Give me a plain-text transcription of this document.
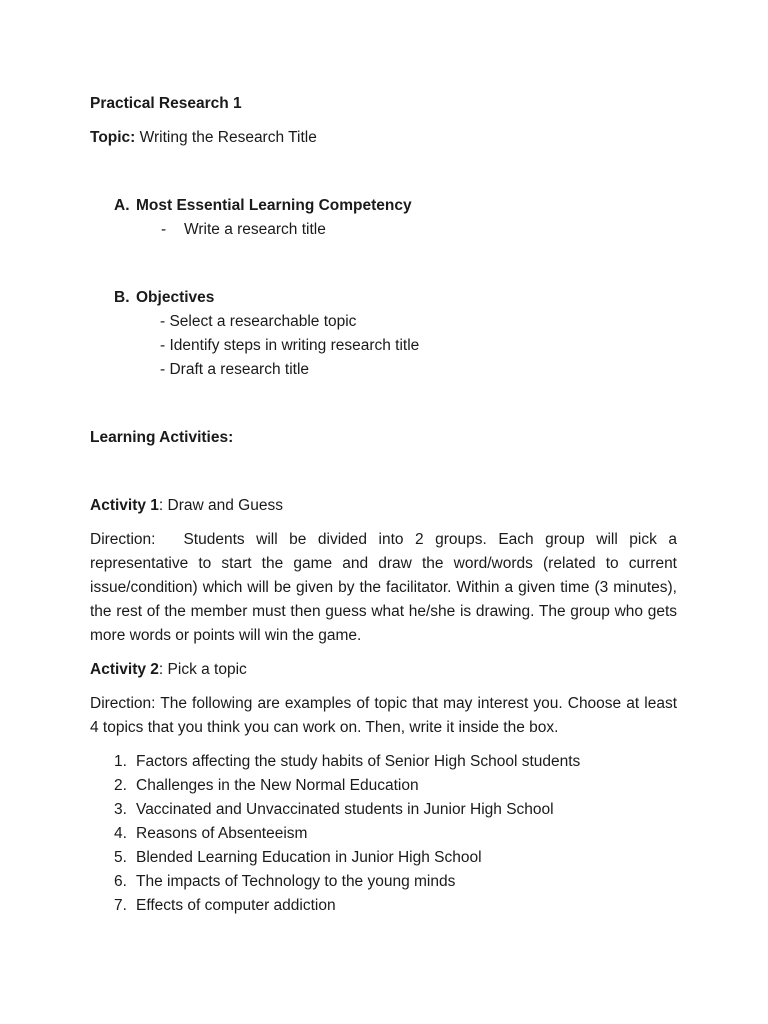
Practical Research 1
Topic: Writing the Research Title
A. Most Essential Learning Competency
- Write a research title
B. Objectives
- Select a researchable topic
- Identify steps in writing research title
- Draft a research title
Learning Activities:
Activity 1: Draw and Guess
Direction: Students will be divided into 2 groups. Each group will pick a representative to start the game and draw the word/words (related to current issue/condition) which will be given by the facilitator. Within a given time (3 minutes), the rest of the member must then guess what he/she is drawing. The group who gets more words or points will win the game.
Activity 2: Pick a topic
Direction: The following are examples of topic that may interest you. Choose at least 4 topics that you think you can work on. Then, write it inside the box.
1. Factors affecting the study habits of Senior High School students
2. Challenges in the New Normal Education
3. Vaccinated and Unvaccinated students in Junior High School
4. Reasons of Absenteeism
5. Blended Learning Education in Junior High School
6. The impacts of Technology to the young minds
7. Effects of computer addiction
